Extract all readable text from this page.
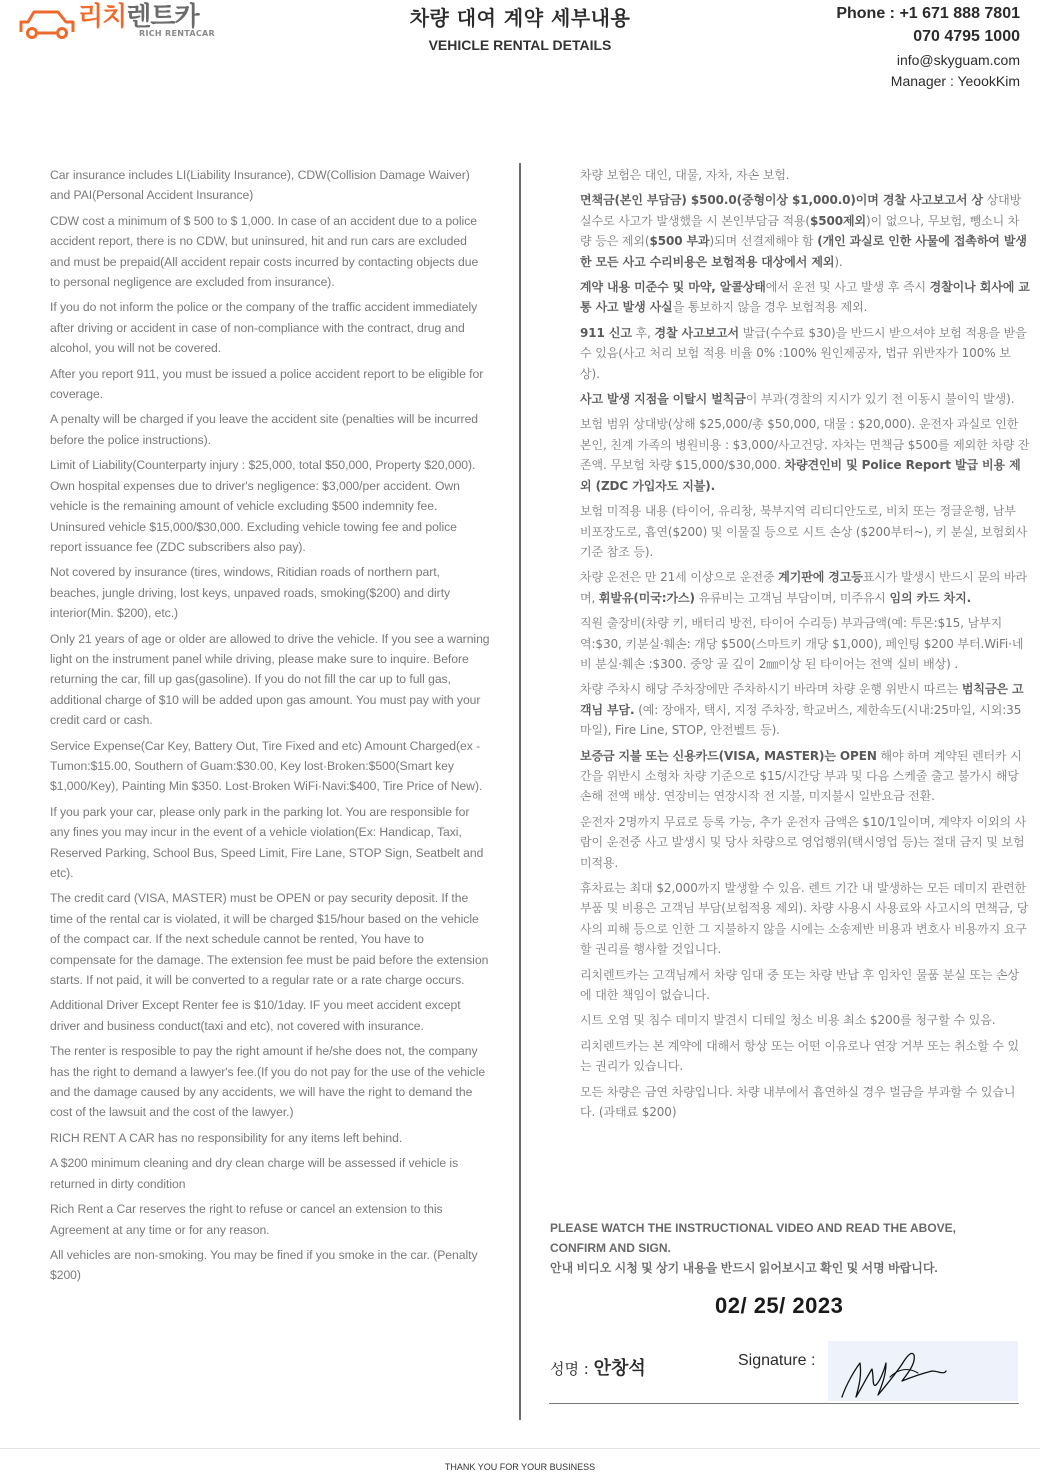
리치렌트카
RICH RENTACAR
차량 대여 계약 세부내용
VEHICLE RENTAL DETAILS
Phone : +1 671 888 7801
070 4795 1000
info@skyguam.com
Manager : YeookKim
Car insurance includes LI(Liability Insurance), CDW(Collision Damage Waiver) and PAI(Personal Accident Insurance)
CDW cost a minimum of $ 500 to $ 1,000. In case of an accident due to a police accident report, there is no CDW, but uninsured, hit and run cars are excluded and must be prepaid(All accident repair costs incurred by contacting objects due to personal negligence are excluded from insurance).
If you do not inform the police or the company of the traffic accident immediately after driving or accident in case of non-compliance with the contract, drug and alcohol, you will not be covered.
After you report 911, you must be issued a police accident report to be eligible for coverage.
A penalty will be charged if you leave the accident site (penalties will be incurred before the police instructions).
Limit of Liability(Counterparty injury : $25,000, total $50,000, Property $20,000). Own hospital expenses due to driver's negligence: $3,000/per accident. Own vehicle is the remaining amount of vehicle excluding $500 indemnity fee. Uninsured vehicle $15,000/$30,000. Excluding vehicle towing fee and police report issuance fee (ZDC subscribers also pay).
Not covered by insurance (tires, windows, Ritidian roads of northern part, beaches, jungle driving, lost keys, unpaved roads, smoking($200) and dirty interior(Min. $200), etc.)
Only 21 years of age or older are allowed to drive the vehicle. If you see a warning light on the instrument panel while driving, please make sure to inquire. Before returning the car, fill up gas(gasoline). If you do not fill the car up to full gas, additional charge of $10 will be added upon gas amount. You must pay with your credit card or cash.
Service Expense(Car Key, Battery Out, Tire Fixed and etc) Amount Charged(ex - Tumon:$15.00, Southern of Guam:$30.00, Key lost·Broken:$500(Smart key $1,000/Key), Painting Min $350. Lost·Broken WiFi·Navi:$400, Tire Price of New).
If you park your car, please only park in the parking lot. You are responsible for any fines you may incur in the event of a vehicle violation(Ex: Handicap, Taxi, Reserved Parking, School Bus, Speed Limit, Fire Lane, STOP Sign, Seatbelt and etc).
The credit card (VISA, MASTER) must be OPEN or pay security deposit. If the time of the rental car is violated, it will be charged $15/hour based on the vehicle of the compact car. If the next schedule cannot be rented, You have to compensate for the damage. The extension fee must be paid before the extension starts. If not paid, it will be converted to a regular rate or a rate charge occurs.
Additional Driver Except Renter fee is $10/1day. IF you meet accident except driver and business conduct(taxi and etc), not covered with insurance.
The renter is resposible to pay the right amount if he/she does not, the company has the right to demand a lawyer's fee.(If you do not pay for the use of the vehicle and the damage caused by any accidents, we will have the right to demand the cost of the lawsuit and the cost of the lawyer.)
RICH RENT A CAR has no responsibility for any items left behind.
A $200 minimum cleaning and dry clean charge will be assessed if vehicle is returned in dirty condition
Rich Rent a Car reserves the right to refuse or cancel an extension to this Agreement at any time or for any reason.
All vehicles are non-smoking. You may be fined if you smoke in the car. (Penalty $200)
차량 보험은 대인, 대물, 자차, 자손 보험.
면책금(본인 부담금) $500.0(중형이상 $1,000.0)이며 경찰 사고보고서 상 상대방 실수로 사고가 발생했을 시 본인부담금 적용($500제외)이 없으나, 무보험, 뺑소니 차량 등은 제외($500 부과)되며 선결제해야 함 (개인 과실로 인한 사물에 접촉하여 발생한 모든 사고 수리비용은 보험적용 대상에서 제외).
계약 내용 미준수 및 마약, 알콜상태에서 운전 및 사고 발생 후 즉시 경찰이나 회사에 교통 사고 발생 사실을 통보하지 않을 경우 보험적용 제외.
911 신고 후, 경찰 사고보고서 발급(수수료 $30)을 반드시 받으셔야 보험 적용을 받을 수 있음(사고 처리 보험 적용 비율 0% :100% 원인제공자, 법규 위반자가 100% 보상).
사고 발생 지점을 이탈시 벌칙금이 부과(경찰의 지시가 있기 전 이동시 불이익 발생).
보험 범위 상대방(상해 $25,000/총 $50,000, 대물 : $20,000). 운전자 과실로 인한 본인, 친계 가족의 병원비용 : $3,000/사고건당. 자차는 면책금 $500를 제외한 차량 잔존액. 무보험 차량 $15,000/$30,000. 차량견인비 및 Police Report 발급 비용 제외 (ZDC 가입자도 지불).
보험 미적용 내용 (타이어, 유리창, 북부지역 리티디안도로, 비치 또는 정글운행, 남부 비포장도로, 흡연($200) 및 이물질 등으로 시트 손상 ($200부터~), 키 분실, 보험회사 기준 참조 등).
차량 운전은 만 21세 이상으로 운전중 계기판에 경고등표시가 발생시 반드시 문의 바라며, 휘발유(미국:가스) 유류비는 고객님 부담이며, 미주유시 임의 카드 차지.
직원 출장비(차량 키, 배터리 방전, 타이어 수리등) 부과금액(예: 투몬:$15, 남부지역:$30, 키분실·훼손: 개당 $500(스마트키 개당 $1,000), 페인팅 $200 부터.WiFi·네비 분실·훼손 :$300. 중앙 골 깊이 2㎜이상 된 타이어는 전액 실비 배상) .
차량 주차시 해당 주차장에만 주차하시기 바라며 차량 운행 위반시 따르는 범칙금은 고객님 부담. (예: 장애자, 택시, 지정 주차장, 학교버스, 제한속도(시내:25마일, 시외:35마일), Fire Line, STOP, 안전벨트 등).
보증금 지불 또는 신용카드(VISA, MASTER)는 OPEN 해야 하며 계약된 렌터카 시간을 위반시 소형차 차량 기준으로 $15/시간당 부과 및 다음 스케줄 출고 불가시 해당 손해 전액 배상. 연장비는 연장시작 전 지불, 미지불시 일반요금 전환.
운전자 2명까지 무료로 등록 가능, 추가 운전자 금액은 $10/1일이며, 계약자 이외의 사람이 운전중 사고 발생시 및 당사 차량으로 영업행위(택시영업 등)는 절대 금지 및 보험 미적용.
휴차료는 최대 $2,000까지 발생할 수 있음. 렌트 기간 내 발생하는 모든 데미지 관련한 부품 및 비용은 고객님 부담(보험적용 제외). 차량 사용시 사용료와 사고시의 면책금, 당사의 피해 등으로 인한 그 지불하지 않을 시에는 소송제반 비용과 변호사 비용까지 요구할 권리를 행사할 것입니다.
리치렌트카는 고객님께서 차량 임대 중 또는 차량 반납 후 임차인 물품 분실 또는 손상에 대한 책임이 없습니다.
시트 오염 및 침수 데미지 발견시 디테일 청소 비용 최소 $200를 청구할 수 있음.
리치렌트카는 본 계약에 대해서 항상 또는 어떤 이유로나 연장 거부 또는 취소할 수 있는 권리가 있습니다.
모든 차량은 금연 차량입니다. 차량 내부에서 흡연하실 경우 벌금을 부과할 수 있습니다. (과태료 $200)
PLEASE WATCH THE INSTRUCTIONAL VIDEO AND READ THE ABOVE, CONFIRM AND SIGN.
안내 비디오 시청 및 상기 내용을 반드시 읽어보시고 확인 및 서명 바랍니다.
02/ 25/ 2023
성명 : 안창석	Signature :
THANK YOU FOR YOUR BUSINESS
